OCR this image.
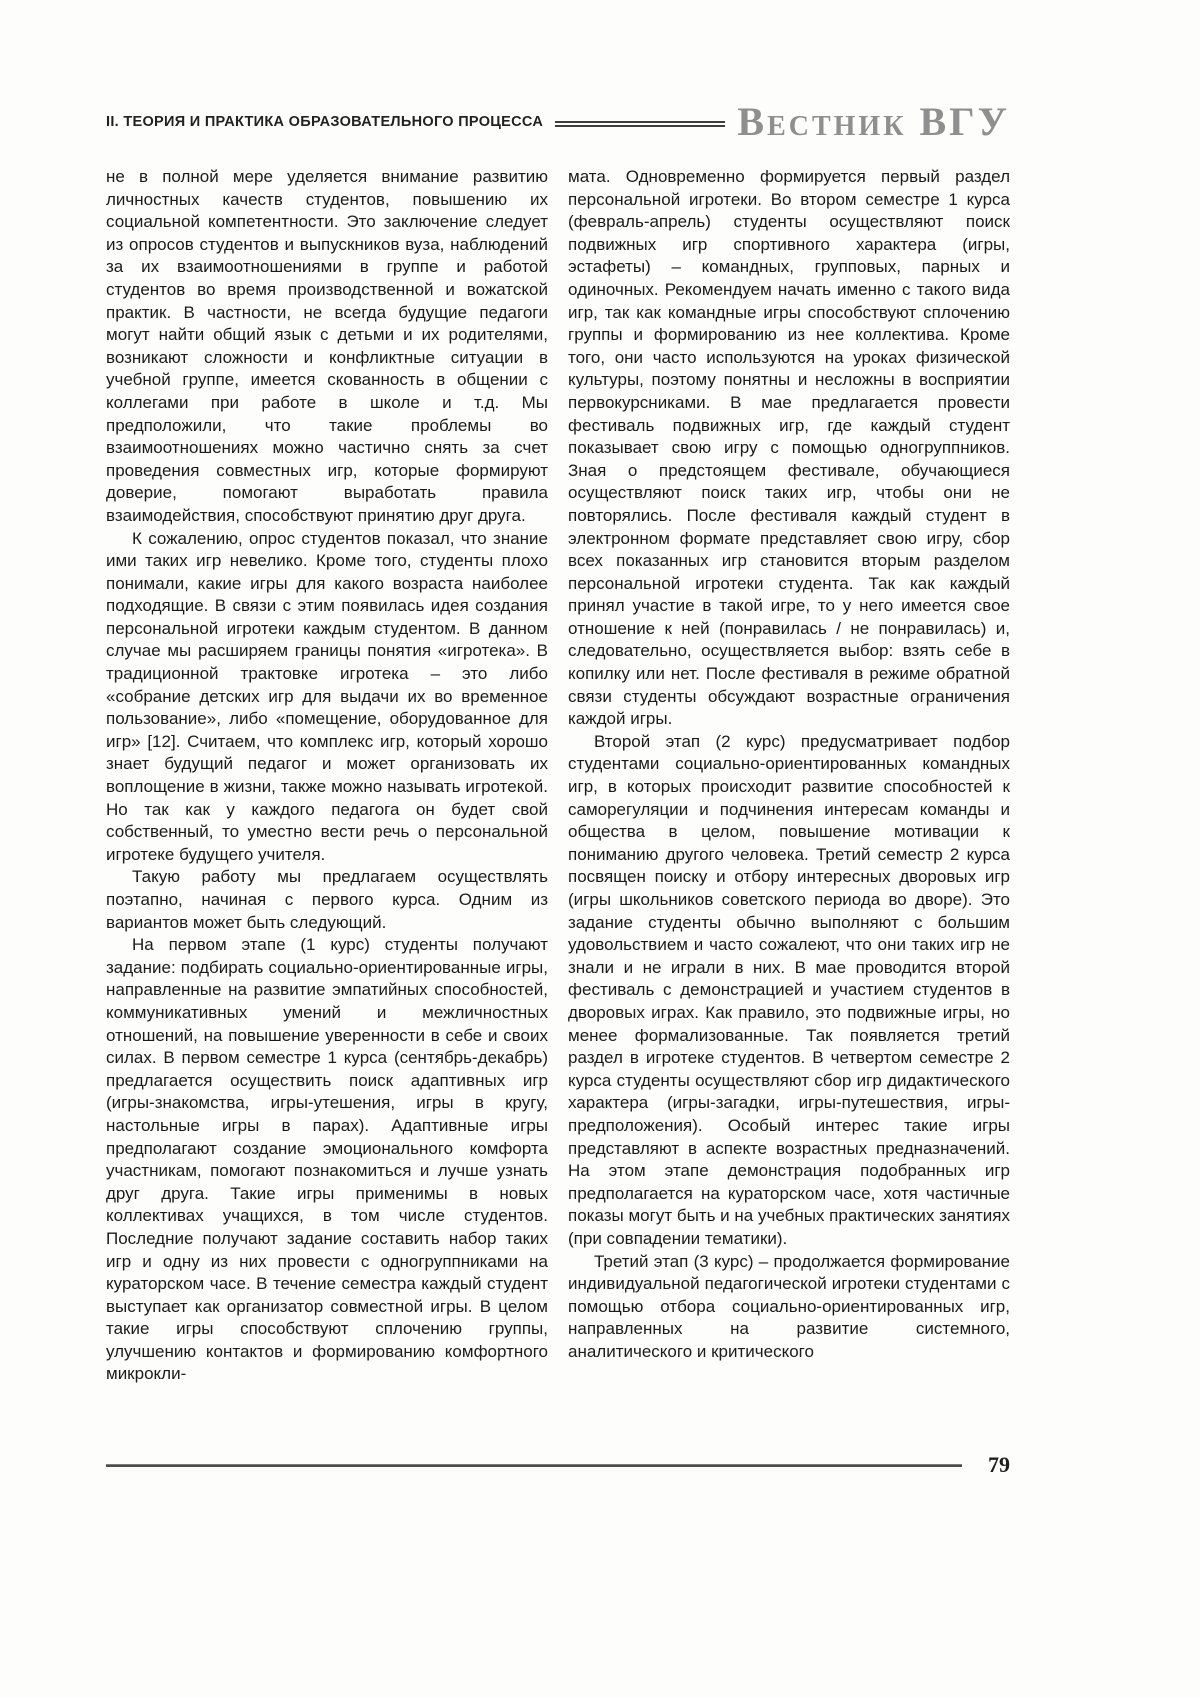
II. ТЕОРИЯ И ПРАКТИКА ОБРАЗОВАТЕЛЬНОГО ПРОЦЕССА	Вестник ВГУ

не в полной мере уделяется внимание развитию личностных качеств студентов, повышению их социальной компетентности. Это заключение следует из опросов студентов и выпускников вуза, наблюдений за их взаимоотношениями в группе и работой студентов во время производственной и вожатской практик. В частности, не всегда будущие педагоги могут найти общий язык с детьми и их родителями, возникают сложности и конфликтные ситуации в учебной группе, имеется скованность в общении с коллегами при работе в школе и т.д. Мы предположили, что такие проблемы во взаимоотношениях можно частично снять за счет проведения совместных игр, которые формируют доверие, помогают выработать правила взаимодействия, способствуют принятию друг друга.

К сожалению, опрос студентов показал, что знание ими таких игр невелико. Кроме того, студенты плохо понимали, какие игры для какого возраста наиболее подходящие. В связи с этим появилась идея создания персональной игротеки каждым студентом. В данном случае мы расширяем границы понятия «игротека». В традиционной трактовке игротека – это либо «собрание детских игр для выдачи их во временное пользование», либо «помещение, оборудованное для игр» [12]. Считаем, что комплекс игр, который хорошо знает будущий педагог и может организовать их воплощение в жизни, также можно называть игротекой. Но так как у каждого педагога он будет свой собственный, то уместно вести речь о персональной игротеке будущего учителя.

Такую работу мы предлагаем осуществлять поэтапно, начиная с первого курса. Одним из вариантов может быть следующий.

На первом этапе (1 курс) студенты получают задание: подбирать социально-ориентированные игры, направленные на развитие эмпатийных способностей, коммуникативных умений и межличностных отношений, на повышение уверенности в себе и своих силах. В первом семестре 1 курса (сентябрь-декабрь) предлагается осуществить поиск адаптивных игр (игры-знакомства, игры-утешения, игры в кругу, настольные игры в парах). Адаптивные игры предполагают создание эмоционального комфорта участникам, помогают познакомиться и лучше узнать друг друга. Такие игры применимы в новых коллективах учащихся, в том числе студентов. Последние получают задание составить набор таких игр и одну из них провести с одногруппниками на кураторском часе. В течение семестра каждый студент выступает как организатор совместной игры. В целом такие игры способствуют сплочению группы, улучшению контактов и формированию комфортного микрокли-

мата. Одновременно формируется первый раздел персональной игротеки. Во втором семестре 1 курса (февраль-апрель) студенты осуществляют поиск подвижных игр спортивного характера (игры, эстафеты) – командных, групповых, парных и одиночных. Рекомендуем начать именно с такого вида игр, так как командные игры способствуют сплочению группы и формированию из нее коллектива. Кроме того, они часто используются на уроках физической культуры, поэтому понятны и несложны в восприятии первокурсниками. В мае предлагается провести фестиваль подвижных игр, где каждый студент показывает свою игру с помощью одногруппников. Зная о предстоящем фестивале, обучающиеся осуществляют поиск таких игр, чтобы они не повторялись. После фестиваля каждый студент в электронном формате представляет свою игру, сбор всех показанных игр становится вторым разделом персональной игротеки студента. Так как каждый принял участие в такой игре, то у него имеется свое отношение к ней (понравилась / не понравилась) и, следовательно, осуществляется выбор: взять себе в копилку или нет. После фестиваля в режиме обратной связи студенты обсуждают возрастные ограничения каждой игры.

Второй этап (2 курс) предусматривает подбор студентами социально-ориентированных командных игр, в которых происходит развитие способностей к саморегуляции и подчинения интересам команды и общества в целом, повышение мотивации к пониманию другого человека. Третий семестр 2 курса посвящен поиску и отбору интересных дворовых игр (игры школьников советского периода во дворе). Это задание студенты обычно выполняют с большим удовольствием и часто сожалеют, что они таких игр не знали и не играли в них. В мае проводится второй фестиваль с демонстрацией и участием студентов в дворовых играх. Как правило, это подвижные игры, но менее формализованные. Так появляется третий раздел в игротеке студентов. В четвертом семестре 2 курса студенты осуществляют сбор игр дидактического характера (игры-загадки, игры-путешествия, игры-предположения). Особый интерес такие игры представляют в аспекте возрастных предназначений. На этом этапе демонстрация подобранных игр предполагается на кураторском часе, хотя частичные показы могут быть и на учебных практических занятиях (при совпадении тематики).

Третий этап (3 курс) – продолжается формирование индивидуальной педагогической игротеки студентами с помощью отбора социально-ориентированных игр, направленных на развитие системного, аналитического и критического

79
